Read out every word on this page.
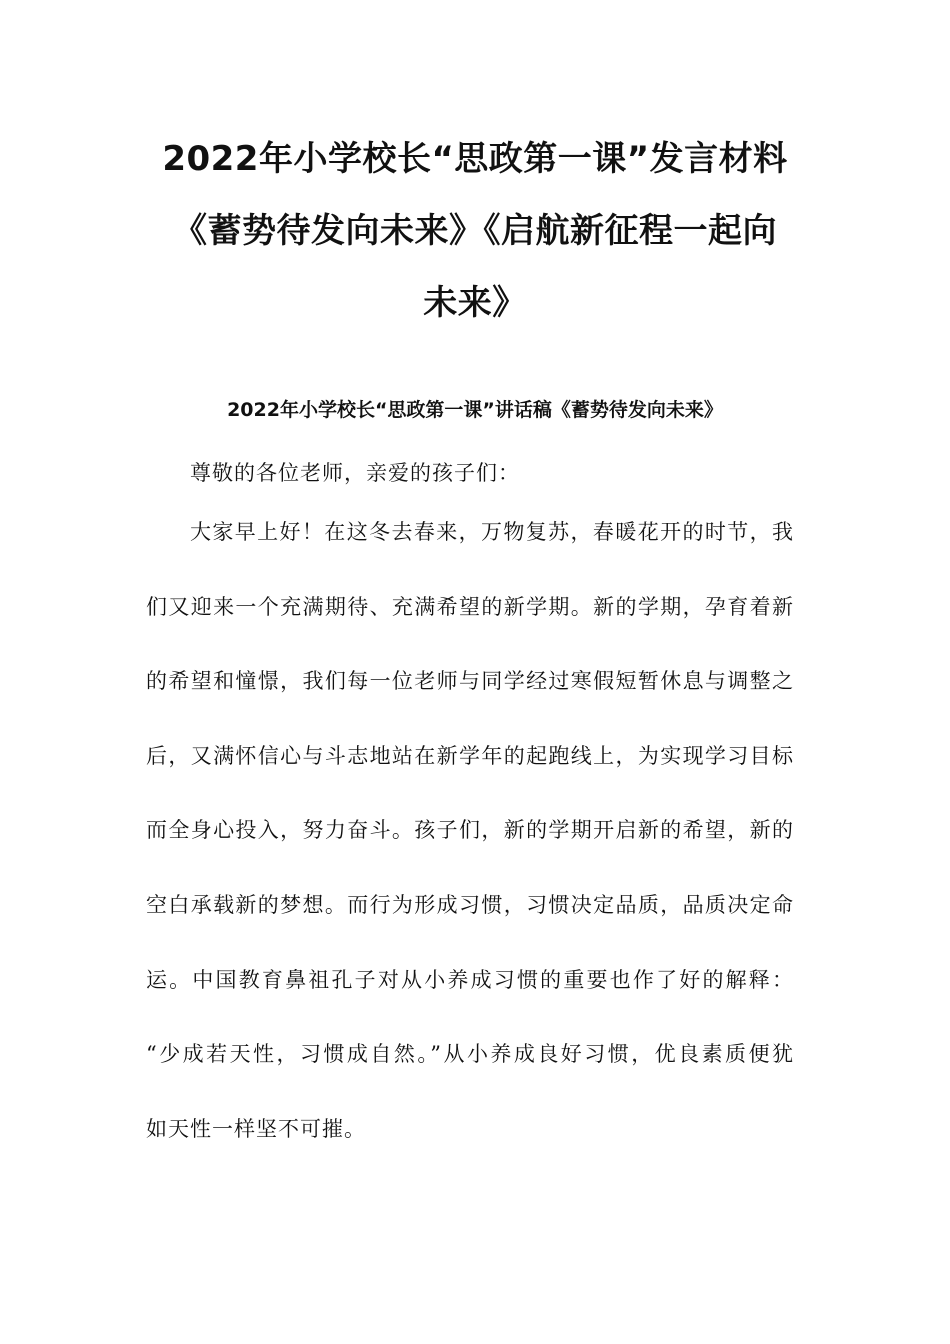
2022年小学校长“思政第一课”发言材料
《蓄势待发向未来》《启航新征程一起向
未来》
2022年小学校长“思政第一课”讲话稿《蓄势待发向未来》

尊敬的各位老师，亲爱的孩子们：

大家早上好！在这冬去春来，万物复苏，春暖花开的时节，我
们又迎来一个充满期待、充满希望的新学期。新的学期，孕育着新
的希望和憧憬，我们每一位老师与同学经过寒假短暂休息与调整之
后，又满怀信心与斗志地站在新学年的起跑线上，为实现学习目标
而全身心投入，努力奋斗。孩子们，新的学期开启新的希望，新的
空白承载新的梦想。而行为形成习惯，习惯决定品质，品质决定命
运。中国教育鼻祖孔子对从小养成习惯的重要也作了好的解释：
“少成若天性，习惯成自然。”从小养成良好习惯，优良素质便犹
如天性一样坚不可摧。
